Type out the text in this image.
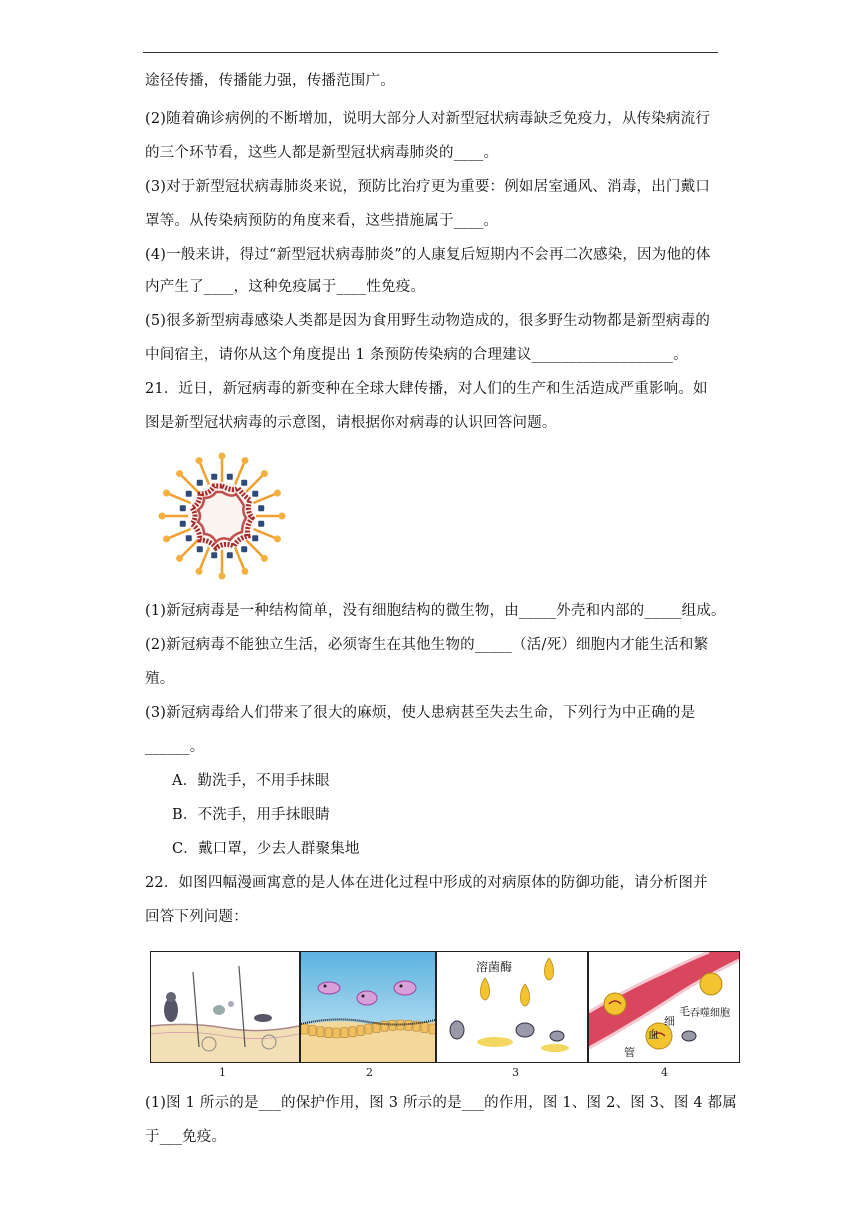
途径传播，传播能力强，传播范围广。
(2)随着确诊病例的不断增加，说明大部分人对新型冠状病毒缺乏免疫力，从传染病流行
的三个环节看，这些人都是新型冠状病毒肺炎的____。
(3)对于新型冠状病毒肺炎来说，预防比治疗更为重要：例如居室通风、消毒，出门戴口
罩等。从传染病预防的角度来看，这些措施属于____。
(4)一般来讲，得过“新型冠状病毒肺炎”的人康复后短期内不会再二次感染，因为他的体
内产生了____，这种免疫属于____性免疫。
(5)很多新型病毒感染人类都是因为食用野生动物造成的，很多野生动物都是新型病毒的
中间宿主，请你从这个角度提出 1 条预防传染病的合理建议___________________。
21．近日，新冠病毒的新变种在全球大肆传播，对人们的生产和生活造成严重影响。如
图是新型冠状病毒的示意图，请根据你对病毒的认识回答问题。
(1)新冠病毒是一种结构简单，没有细胞结构的微生物，由_____外壳和内部的_____组成。
(2)新冠病毒不能独立生活，必须寄生在其他生物的_____（活/死）细胞内才能生活和繁
殖。
(3)新冠病毒给人们带来了很大的麻烦，使人患病甚至失去生命，下列行为中正确的是
______。
A．勤洗手，不用手抹眼
B．不洗手，用手抹眼睛
C．戴口罩，少去人群聚集地
22．如图四幅漫画寓意的是人体在进化过程中形成的对病原体的防御功能，请分析图并
回答下列问题：
溶菌酶
毛
细
血
管
吞噬细胞
1	2	3	4
(1)图 1 所示的是___的保护作用，图 3 所示的是___的作用，图 1、图 2、图 3、图 4 都属
于___免疫。
